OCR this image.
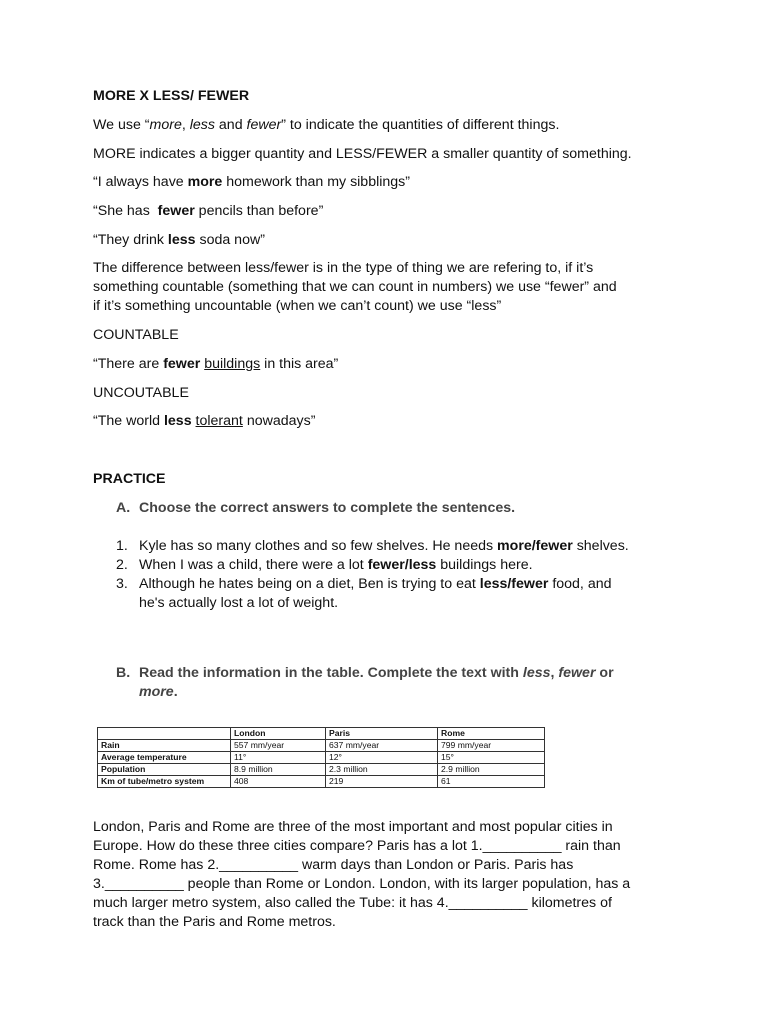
MORE X LESS/ FEWER
We use “more, less and fewer” to indicate the quantities of different things.
MORE indicates a bigger quantity and LESS/FEWER a smaller quantity of something.
“I always have more homework than my sibblings”
“She has  fewer pencils than before”
“They drink less soda now”
The difference between less/fewer is in the type of thing we are refering to, if it’s
something countable (something that we can count in numbers) we use “fewer” and
if it’s something uncountable (when we can’t count) we use “less”
COUNTABLE
“There are fewer buildings in this area”
UNCOUTABLE
“The world less tolerant nowadays”
PRACTICE
A. Choose the correct answers to complete the sentences.
1. Kyle has so many clothes and so few shelves. He needs more/fewer shelves.
2. When I was a child, there were a lot fewer/less buildings here.
3. Although he hates being on a diet, Ben is trying to eat less/fewer food, and
he's actually lost a lot of weight.
B. Read the information in the table. Complete the text with less, fewer or
more.
London, Paris and Rome are three of the most important and most popular cities in
Europe. How do these three cities compare? Paris has a lot 1.__________ rain than
Rome. Rome has 2.__________ warm days than London or Paris. Paris has
3.__________ people than Rome or London. London, with its larger population, has a
much larger metro system, also called the Tube: it has 4.__________ kilometres of
track than the Paris and Rome metros.
	London	Paris	Rome
Rain	557 mm/year	637 mm/year	799 mm/year
Average temperature	11°	12°	15°
Population	8.9 million	2.3 million	2.9 million
Km of tube/metro system	408	219	61
